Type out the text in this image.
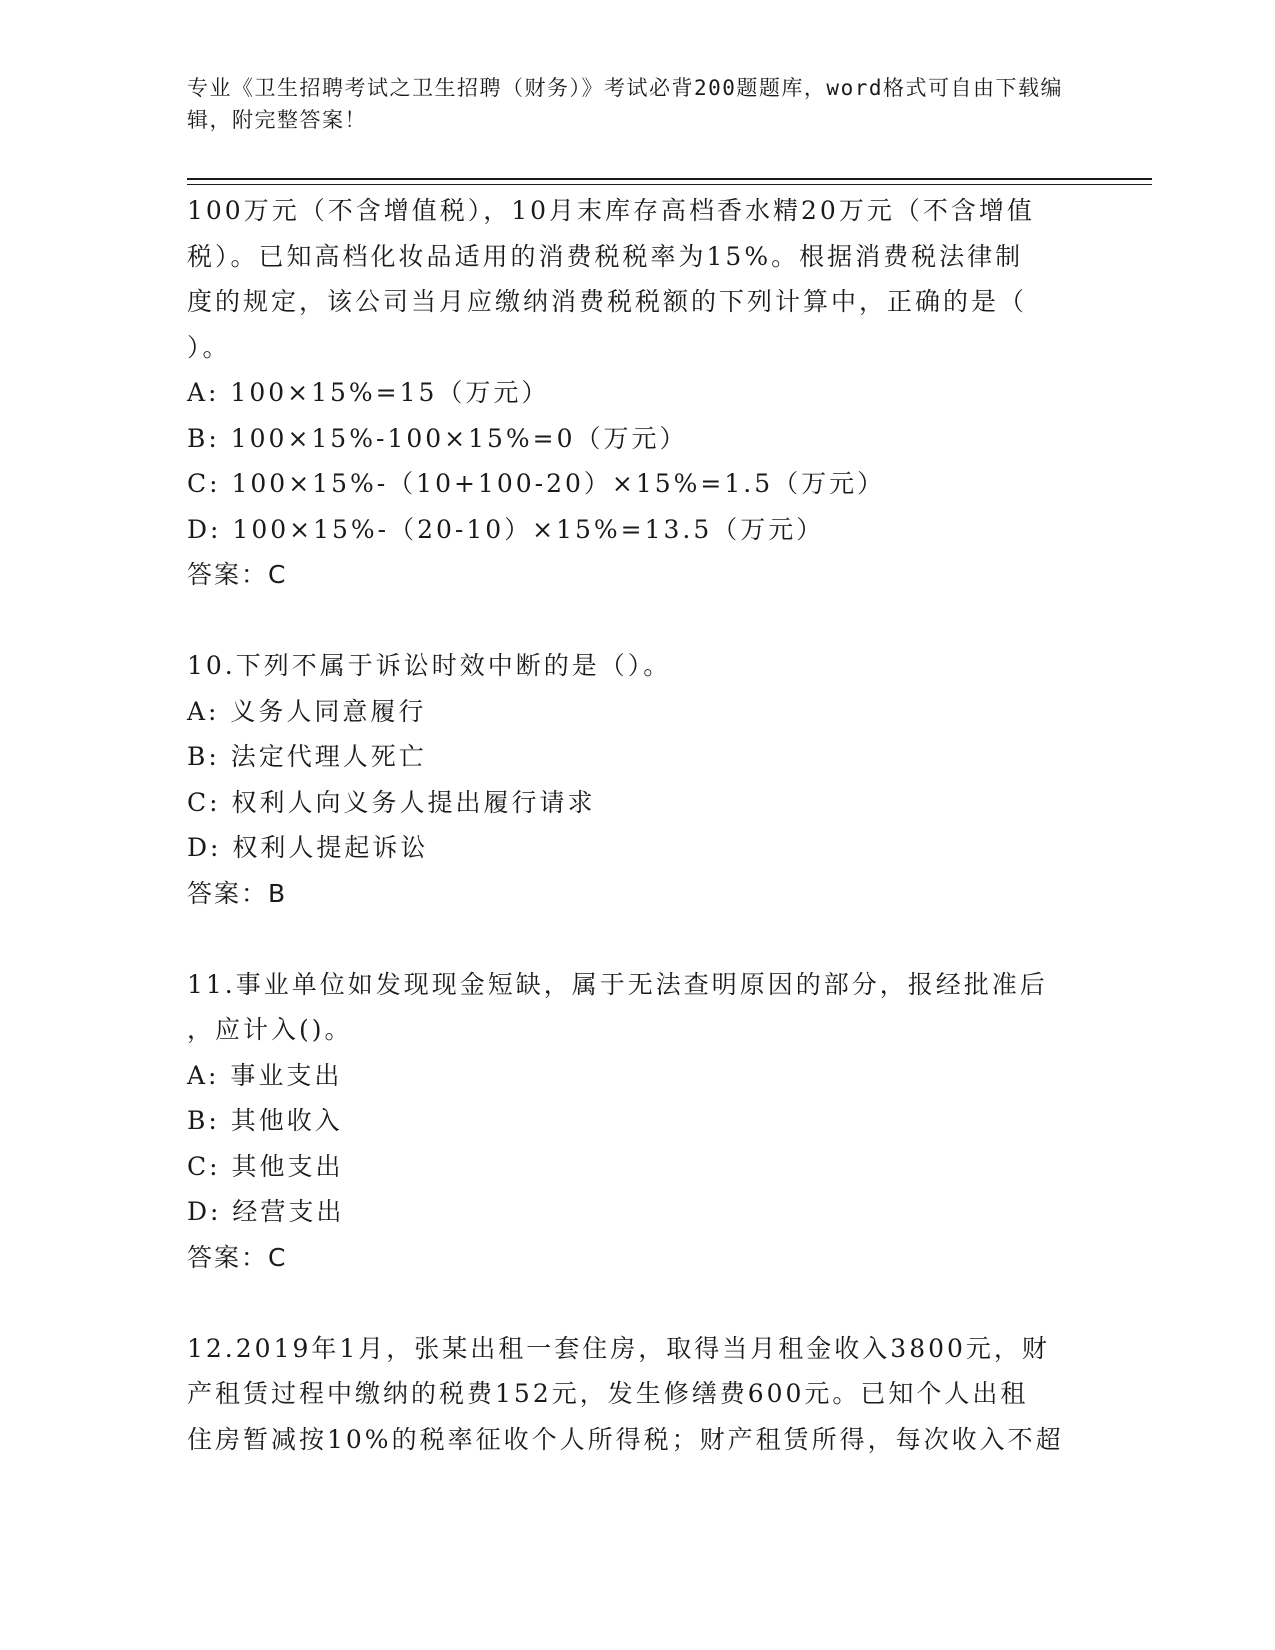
专业《卫生招聘考试之卫生招聘（财务）》考试必背200题题库，word格式可自由下载编辑，附完整答案！

100万元（不含增值税），10月末库存高档香水精20万元（不含增值

税）。已知高档化妆品适用的消费税税率为15%。根据消费税法律制

度的规定，该公司当月应缴纳消费税税额的下列计算中，正确的是（

）。

A: 100×15%=15（万元）

B: 100×15%-100×15%=0（万元）

C: 100×15%-（10+100-20）×15%=1.5（万元）

D: 100×15%-（20-10）×15%=13.5（万元）

答案：C

10.下列不属于诉讼时效中断的是（）。

A: 义务人同意履行

B: 法定代理人死亡

C: 权利人向义务人提出履行请求

D: 权利人提起诉讼

答案：B

11.事业单位如发现现金短缺，属于无法查明原因的部分，报经批准后

，应计入()。

A: 事业支出

B: 其他收入

C: 其他支出

D: 经营支出

答案：C

12.2019年1月，张某出租一套住房，取得当月租金收入3800元，财

产租赁过程中缴纳的税费152元，发生修缮费600元。已知个人出租

住房暂减按10%的税率征收个人所得税；财产租赁所得，每次收入不超
